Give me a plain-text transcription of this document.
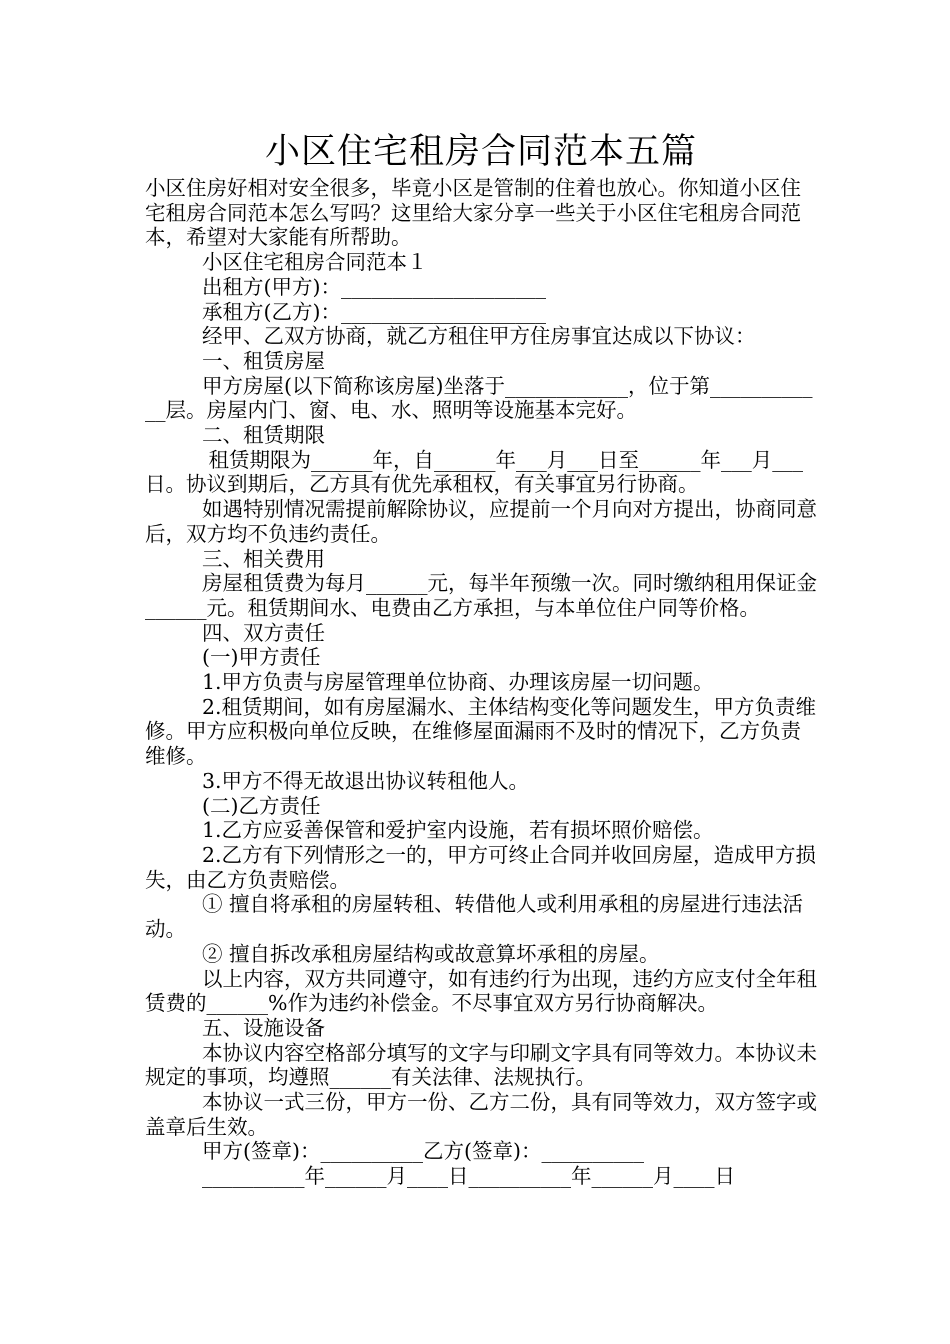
小区住宅租房合同范本五篇

小区住房好相对安全很多，毕竟小区是管制的住着也放心。你知道小区住宅租房合同范本怎么写吗？这里给大家分享一些关于小区住宅租房合同范本，希望对大家能有所帮助。

小区住宅租房合同范本１

出租方(甲方)：____________________

承租方(乙方)：____________________

经甲、乙双方协商，就乙方租住甲方住房事宜达成以下协议：

一、租赁房屋

甲方房屋(以下简称该房屋)坐落于____________，位于第____________层。房屋内门、窗、电、水、照明等设施基本完好。

二、租赁期限

租赁期限为______年，自______年___月___日至______年___月___日。协议到期后，乙方具有优先承租权，有关事宜另行协商。

如遇特别情况需提前解除协议，应提前一个月向对方提出，协商同意后，双方均不负违约责任。

三、相关费用

房屋租赁费为每月______元，每半年预缴一次。同时缴纳租用保证金______元。租赁期间水、电费由乙方承担，与本单位住户同等价格。

四、双方责任

(一)甲方责任

1.甲方负责与房屋管理单位协商、办理该房屋一切问题。

2.租赁期间，如有房屋漏水、主体结构变化等问题发生，甲方负责维修。甲方应积极向单位反映，在维修屋面漏雨不及时的情况下，乙方负责维修。

3.甲方不得无故退出协议转租他人。

(二)乙方责任

1.乙方应妥善保管和爱护室内设施，若有损坏照价赔偿。

2.乙方有下列情形之一的，甲方可终止合同并收回房屋，造成甲方损失，由乙方负责赔偿。

① 擅自将承租的房屋转租、转借他人或利用承租的房屋进行违法活动。

② 擅自拆改承租房屋结构或故意算坏承租的房屋。

以上内容，双方共同遵守，如有违约行为出现，违约方应支付全年租赁费的______%作为违约补偿金。不尽事宜双方另行协商解决。

五、设施设备

本协议内容空格部分填写的文字与印刷文字具有同等效力。本协议未规定的事项，均遵照______有关法律、法规执行。

本协议一式三份，甲方一份、乙方二份，具有同等效力，双方签字或盖章后生效。

甲方(签章)：__________乙方(签章)：__________

__________年______月____日__________年______月____日
